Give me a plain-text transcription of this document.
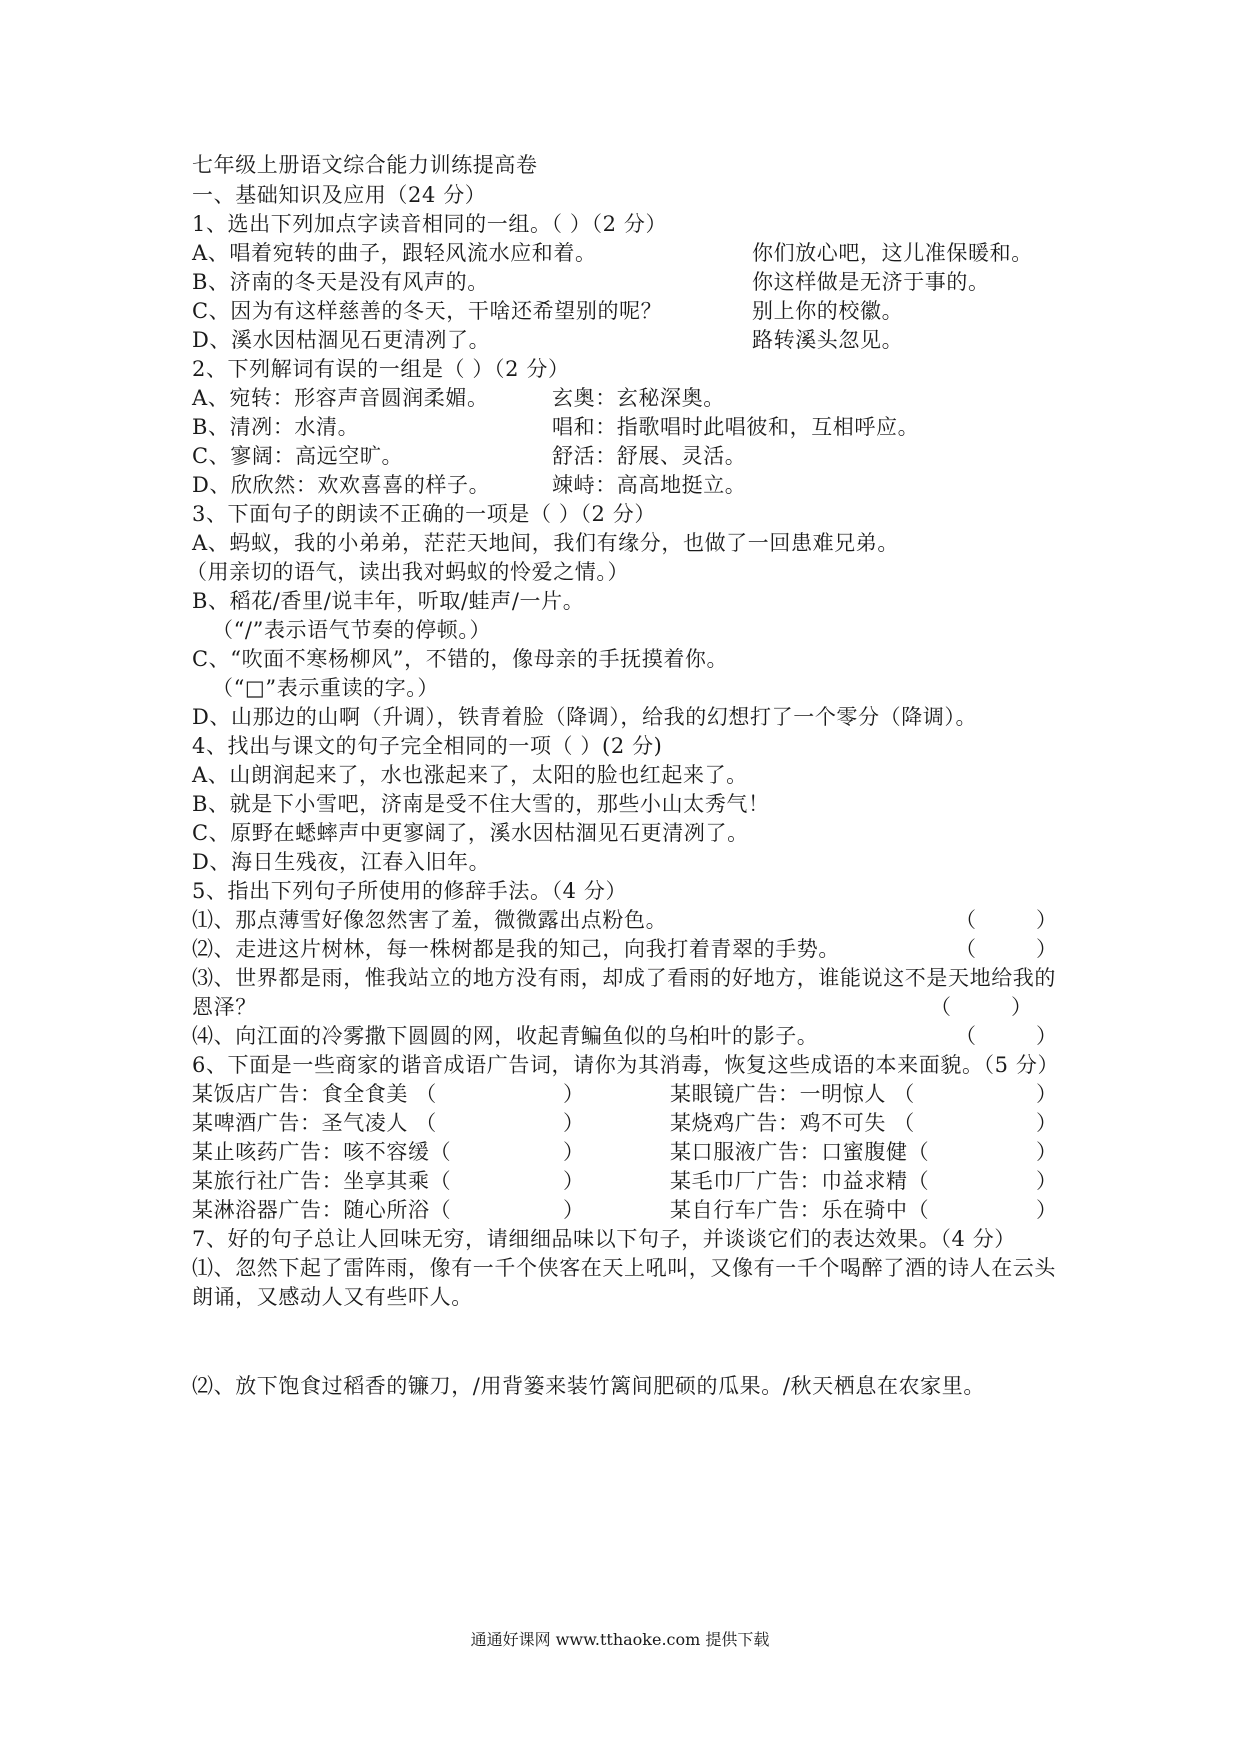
七年级上册语文综合能力训练提高卷
一、基础知识及应用（24 分）
1、选出下列加点字读音相同的一组。（ ）（2 分）
A、唱着宛转的曲子，跟轻风流水应和着。	你们放心吧，这儿准保暖和。
B、济南的冬天是没有风声的。	你这样做是无济于事的。
C、因为有这样慈善的冬天，干啥还希望别的呢？	别上你的校徽。
D、溪水因枯涸见石更清冽了。	路转溪头忽见。
2、下列解词有误的一组是（ ）（2 分）
A、宛转：形容声音圆润柔媚。	玄奥：玄秘深奥。
B、清冽：水清。	唱和：指歌唱时此唱彼和，互相呼应。
C、寥阔：高远空旷。	舒活：舒展、灵活。
D、欣欣然：欢欢喜喜的样子。	竦峙：高高地挺立。
3、下面句子的朗读不正确的一项是（ ）（2 分）
A、蚂蚁，我的小弟弟，茫茫天地间，我们有缘分，也做了一回患难兄弟。
（用亲切的语气，读出我对蚂蚁的怜爱之情。）
B、稻花/香里/说丰年，听取/蛙声/一片。
（“/”表示语气节奏的停顿。）
C、“吹面不寒杨柳风”，不错的，像母亲的手抚摸着你。
（“□”表示重读的字。）
D、山那边的山啊（升调），铁青着脸（降调），给我的幻想打了一个零分（降调）。
4、找出与课文的句子完全相同的一项（ ）(2 分)
A、山朗润起来了，水也涨起来了，太阳的脸也红起来了。
B、就是下小雪吧，济南是受不住大雪的，那些小山太秀气！
C、原野在蟋蟀声中更寥阔了，溪水因枯涸见石更清冽了。
D、海日生残夜，江春入旧年。
5、指出下列句子所使用的修辞手法。（4 分）
⑴、那点薄雪好像忽然害了羞，微微露出点粉色。	（	）
⑵、走进这片树林，每一株树都是我的知己，向我打着青翠的手势。	（	）
⑶、世界都是雨，惟我站立的地方没有雨，却成了看雨的好地方，谁能说这不是天地给我的
恩泽？	（	）
⑷、向江面的冷雾撒下圆圆的网，收起青鳊鱼似的乌桕叶的影子。	（	）
6、下面是一些商家的谐音成语广告词，请你为其消毒，恢复这些成语的本来面貌。（5 分）
某饭店广告：食全食美 （	）	某眼镜广告：一明惊人 （	）
某啤酒广告：圣气凌人 （	）	某烧鸡广告：鸡不可失 （	）
某止咳药广告：咳不容缓（	）	某口服液广告：口蜜腹健（	）
某旅行社广告：坐享其乘（	）	某毛巾厂广告：巾益求精（	）
某淋浴器广告：随心所浴（	）	某自行车广告：乐在骑中（	）
7、好的句子总让人回味无穷，请细细品味以下句子，并谈谈它们的表达效果。（4 分）
⑴、忽然下起了雷阵雨，像有一千个侠客在天上吼叫，又像有一千个喝醉了酒的诗人在云头
朗诵，又感动人又有些吓人。
⑵、放下饱食过稻香的镰刀，/用背篓来装竹篱间肥硕的瓜果。/秋天栖息在农家里。
通通好课网 www.tthaoke.com 提供下载
